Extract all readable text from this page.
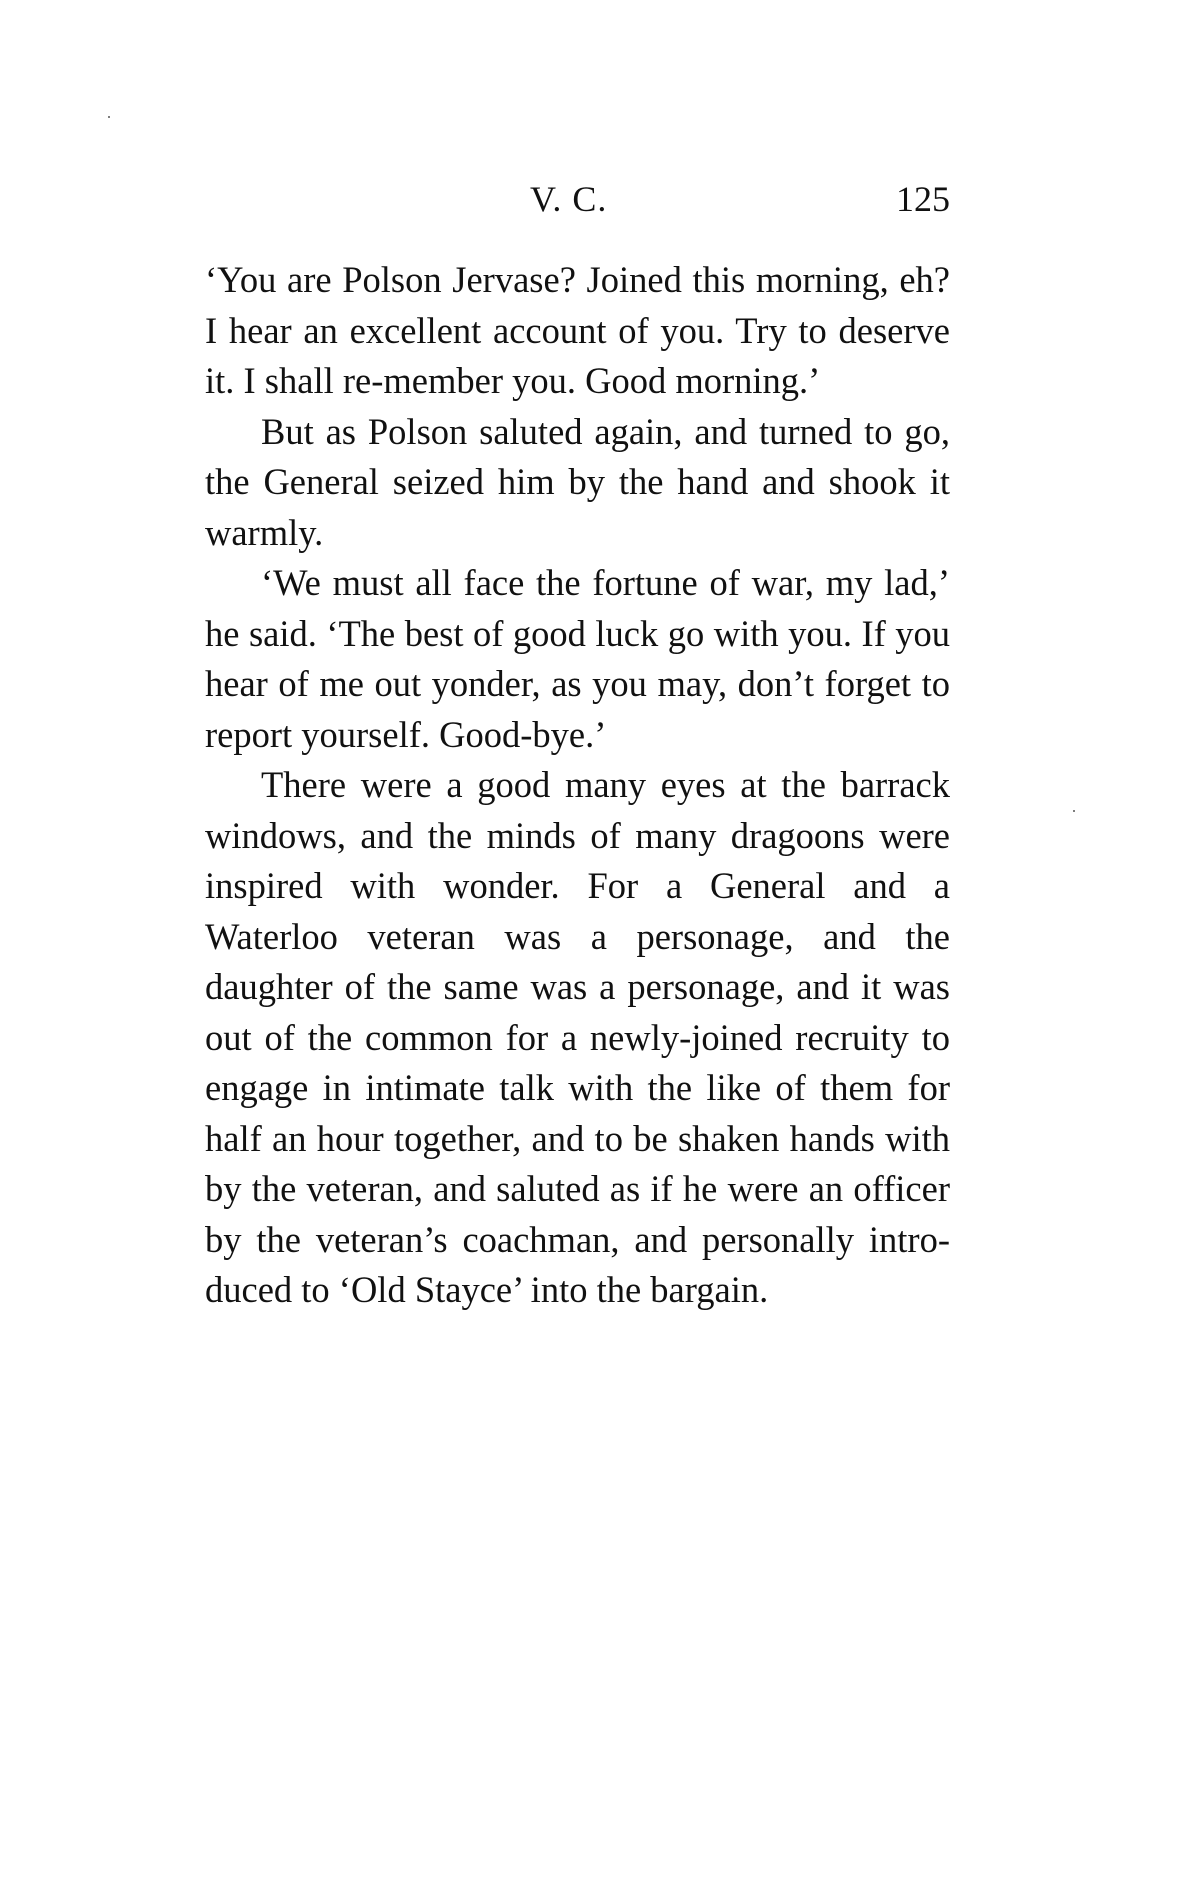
V. C.	125

‘You are Polson Jervase? Joined this morning, eh? I hear an excellent account of you. Try to deserve it. I shall re-member you. Good morning.’

But as Polson saluted again, and turned to go, the General seized him by the hand and shook it warmly.

‘We must all face the fortune of war, my lad,’ he said. ‘The best of good luck go with you. If you hear of me out yonder, as you may, don’t forget to report yourself. Good-bye.’

There were a good many eyes at the barrack windows, and the minds of many dragoons were inspired with wonder. For a General and a Waterloo veteran was a personage, and the daughter of the same was a personage, and it was out of the common for a newly-joined recruity to engage in intimate talk with the like of them for half an hour together, and to be shaken hands with by the veteran, and saluted as if he were an officer by the veteran’s coachman, and personally intro-duced to ‘Old Stayce’ into the bargain.
